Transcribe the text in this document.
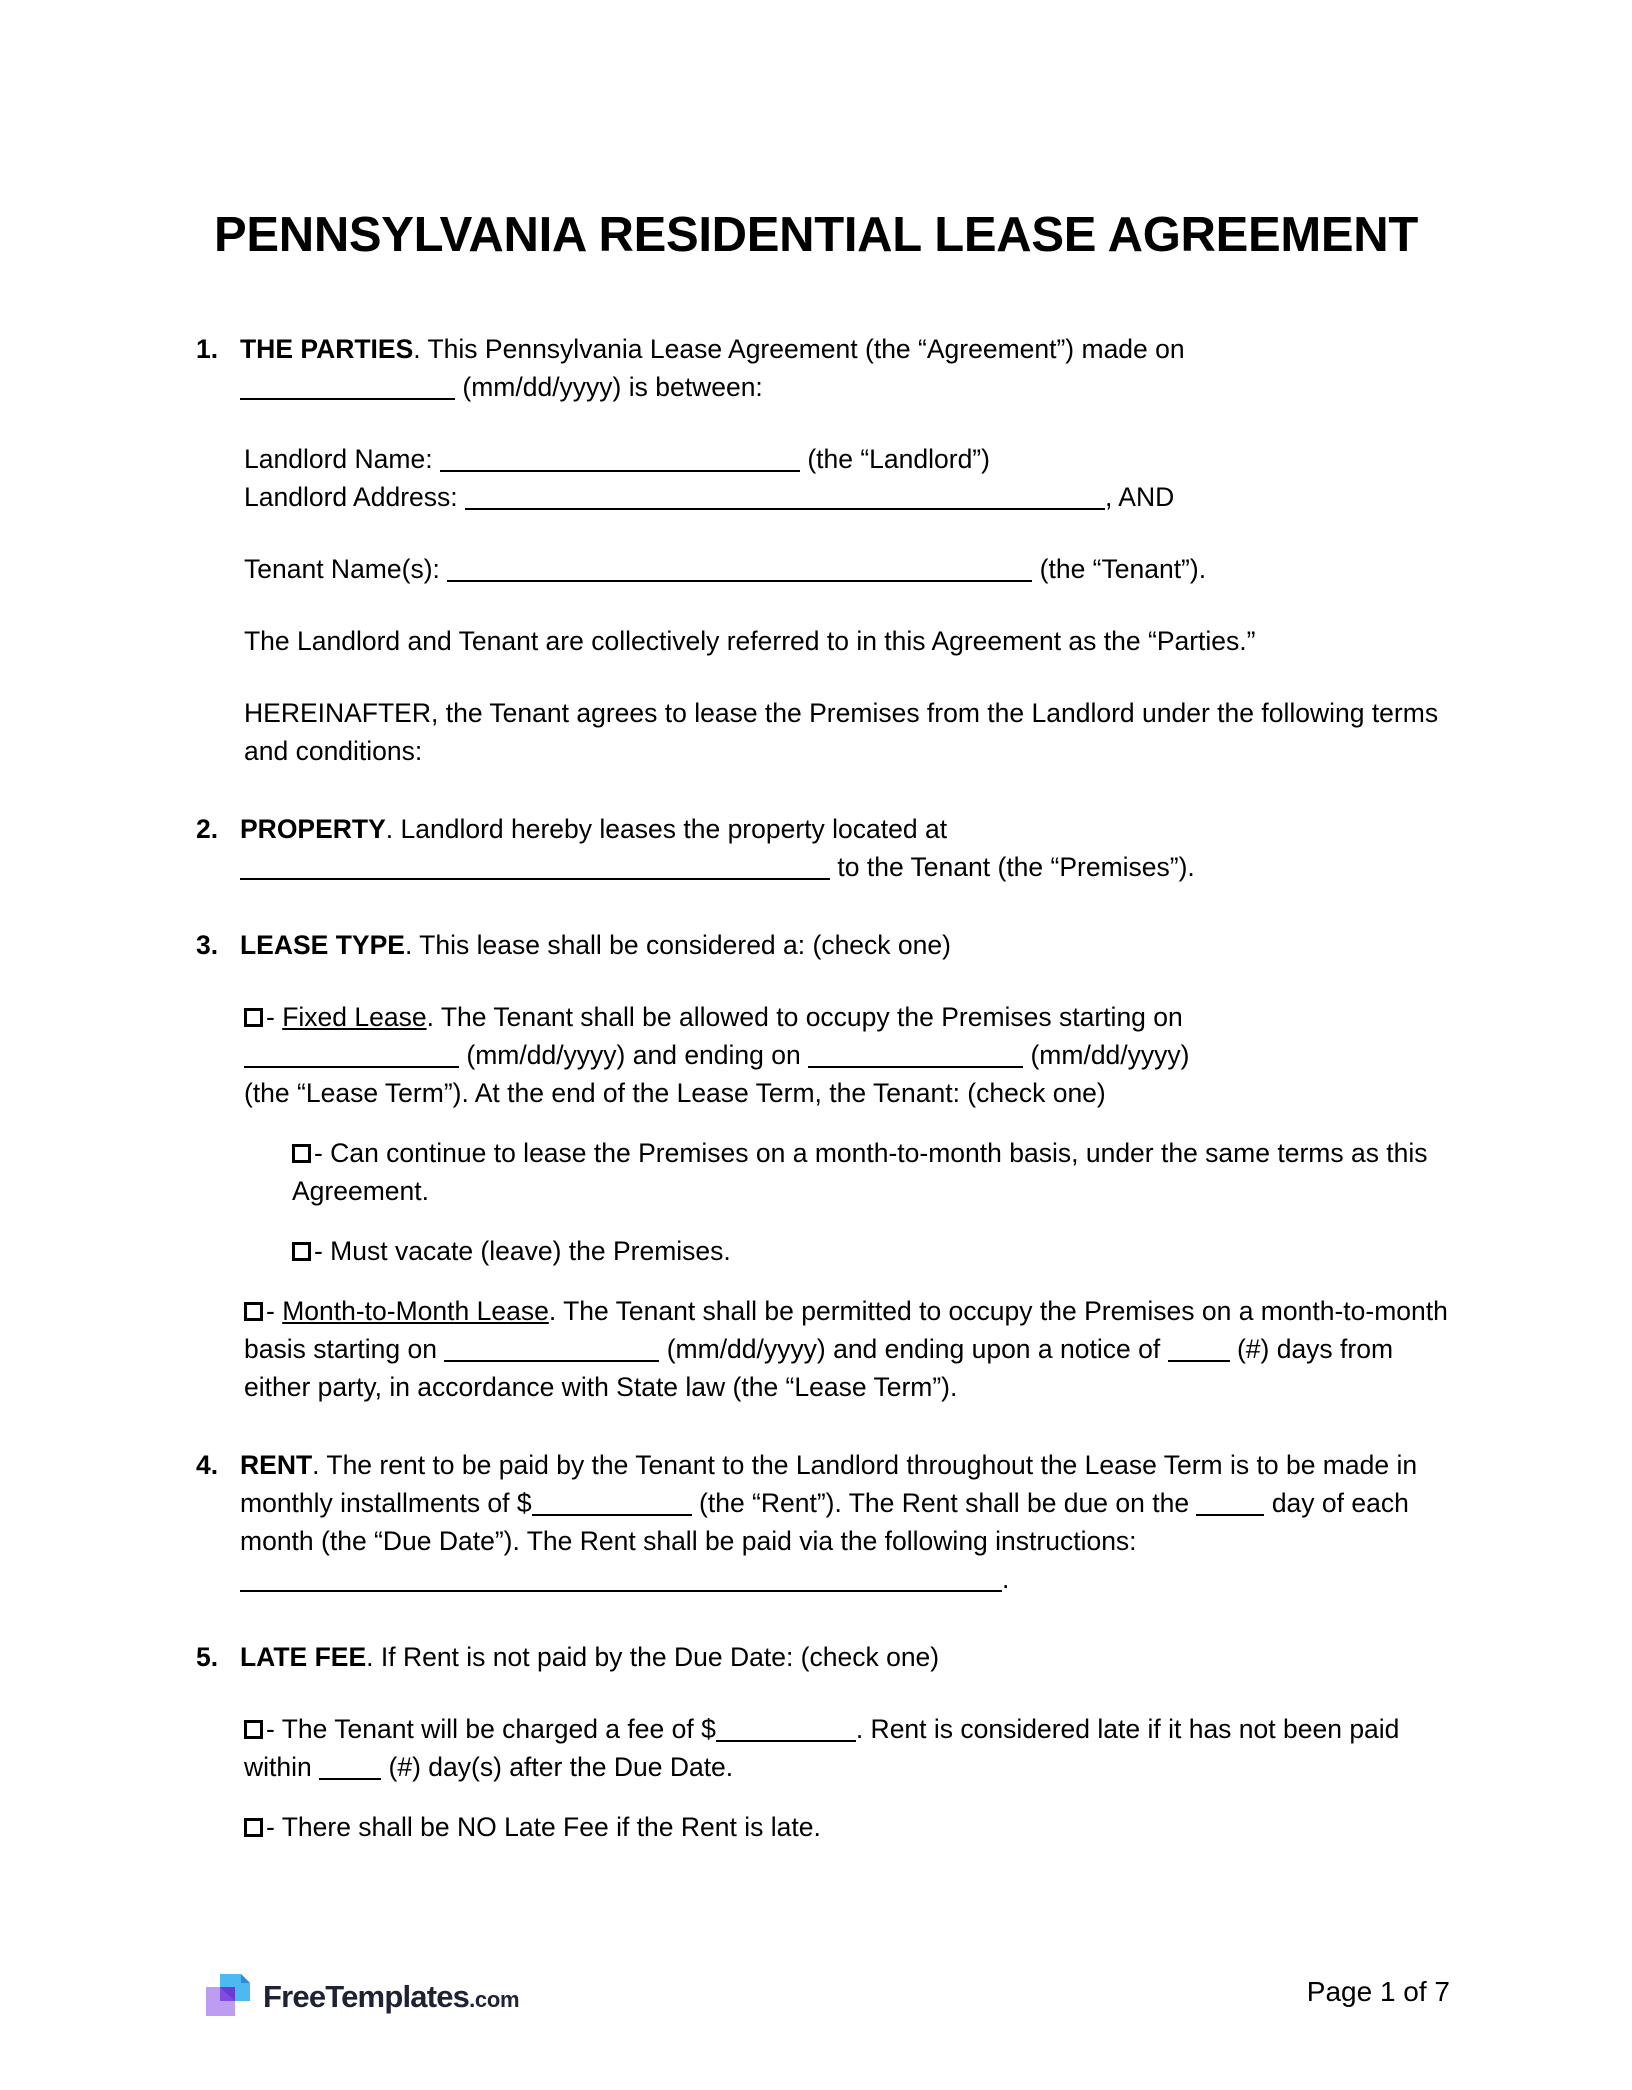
PENNSYLVANIA RESIDENTIAL LEASE AGREEMENT
1. THE PARTIES. This Pennsylvania Lease Agreement (the “Agreement”) made on
(mm/dd/yyyy) is between:
Landlord Name:	(the “Landlord”)
Landlord Address:	, AND
Tenant Name(s):	(the “Tenant”).
The Landlord and Tenant are collectively referred to in this Agreement as the “Parties.”
HEREINAFTER, the Tenant agrees to lease the Premises from the Landlord under the following terms and conditions:
2. PROPERTY. Landlord hereby leases the property located at
to the Tenant (the “Premises”).
3. LEASE TYPE. This lease shall be considered a: (check one)
- Fixed Lease. The Tenant shall be allowed to occupy the Premises starting on
(mm/dd/yyyy) and ending on	(mm/dd/yyyy)
(the “Lease Term”). At the end of the Lease Term, the Tenant: (check one)
- Can continue to lease the Premises on a month-to-month basis, under the same terms as this Agreement.
- Must vacate (leave) the Premises.
- Month-to-Month Lease. The Tenant shall be permitted to occupy the Premises on a month-to-month basis starting on	(mm/dd/yyyy) and ending upon a notice of	(#) days from either party, in accordance with State law (the “Lease Term”).
4. RENT. The rent to be paid by the Tenant to the Landlord throughout the Lease Term is to be made in monthly installments of $	(the “Rent”). The Rent shall be due on the	day of each month (the “Due Date”). The Rent shall be paid via the following instructions: .
5. LATE FEE. If Rent is not paid by the Due Date: (check one)
- The Tenant will be charged a fee of $	. Rent is considered late if it has not been paid within	(#) day(s) after the Due Date.
- There shall be NO Late Fee if the Rent is late.
FreeTemplates.com	Page 1 of 7
